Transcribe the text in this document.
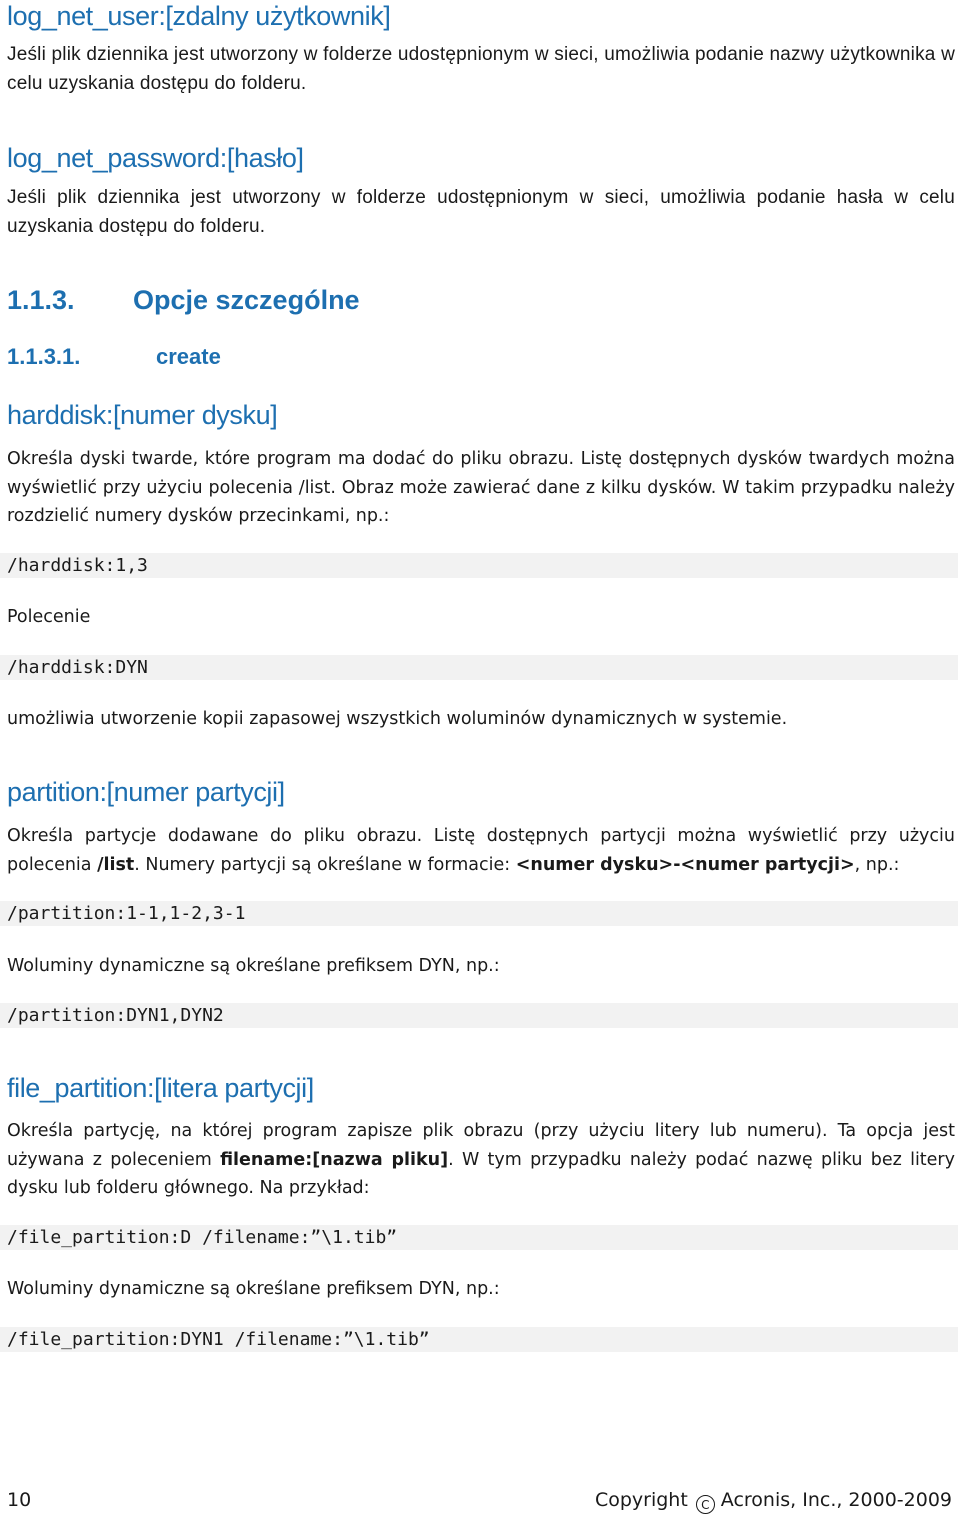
log_net_user:[zdalny użytkownik]

Jeśli plik dziennika jest utworzony w folderze udostępnionym w sieci, umożliwia podanie nazwy użytkownika w celu uzyskania dostępu do folderu.

log_net_password:[hasło]

Jeśli plik dziennika jest utworzony w folderze udostępnionym w sieci, umożliwia podanie hasła w celu uzyskania dostępu do folderu.

1.1.3. Opcje szczególne
1.1.3.1.	create
harddisk:[numer dysku]

Określa dyski twarde, które program ma dodać do pliku obrazu. Listę dostępnych dysków twardych można wyświetlić przy użyciu polecenia /list. Obraz może zawierać dane z kilku dysków. W takim przypadku należy rozdzielić numery dysków przecinkami, np.:

/harddisk:1,3

Polecenie

/harddisk:DYN

umożliwia utworzenie kopii zapasowej wszystkich woluminów dynamicznych w systemie.

partition:[numer partycji]

Określa partycje dodawane do pliku obrazu. Listę dostępnych partycji można wyświetlić przy użyciu polecenia /list. Numery partycji są określane w formacie: <numer dysku>-<numer partycji>, np.:

/partition:1-1,1-2,3-1

Woluminy dynamiczne są określane prefiksem DYN, np.:

/partition:DYN1,DYN2
file_partition:[litera partycji]

Określa partycję, na której program zapisze plik obrazu (przy użyciu litery lub numeru). Ta opcja jest używana z poleceniem filename:[nazwa pliku]. W tym przypadku należy podać nazwę pliku bez litery dysku lub folderu głównego. Na przykład:

/file_partition:D /filename:”\1.tib”

Woluminy dynamiczne są określane prefiksem DYN, np.:

/file_partition:DYN1 /filename:”\1.tib”
10	Copyright C Acronis, Inc., 2000-2009
